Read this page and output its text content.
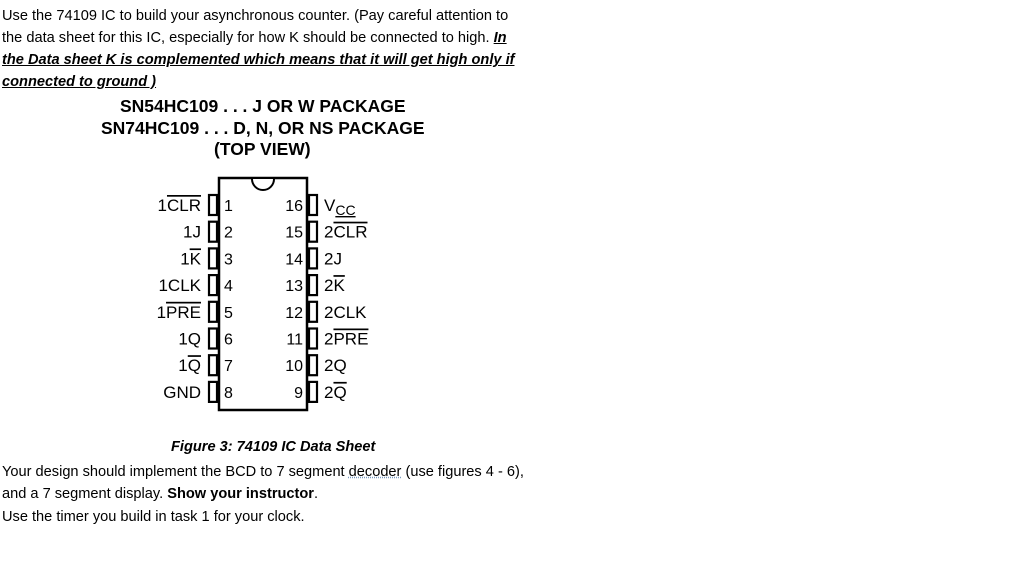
Use the 74109 IC to build your asynchronous counter. (Pay careful attention to

the data sheet for this IC, especially for how K should be connected to high. In

the Data sheet K is complemented which means that it will get high only if

connected to ground )

SN54HC109 . . . J OR W PACKAGE
SN74HC109 . . . D, N, OR NS PACKAGE
(TOP VIEW)
1CLR 1
1J 2
1K 3
1CLK 4
1PRE 5
1Q 6
1Q 7
GND 8
16 $V_{CC}$
15 2CLR
14 2J
13 2K
12 2CLK
11 2PRE
10 2Q
9 2Q
Figure 3: 74109 IC Data Sheet

Your design should implement the BCD to 7 segment decoder (use figures 4 - 6),

and a 7 segment display. Show your instructor.

Use the timer you build in task 1 for your clock.
